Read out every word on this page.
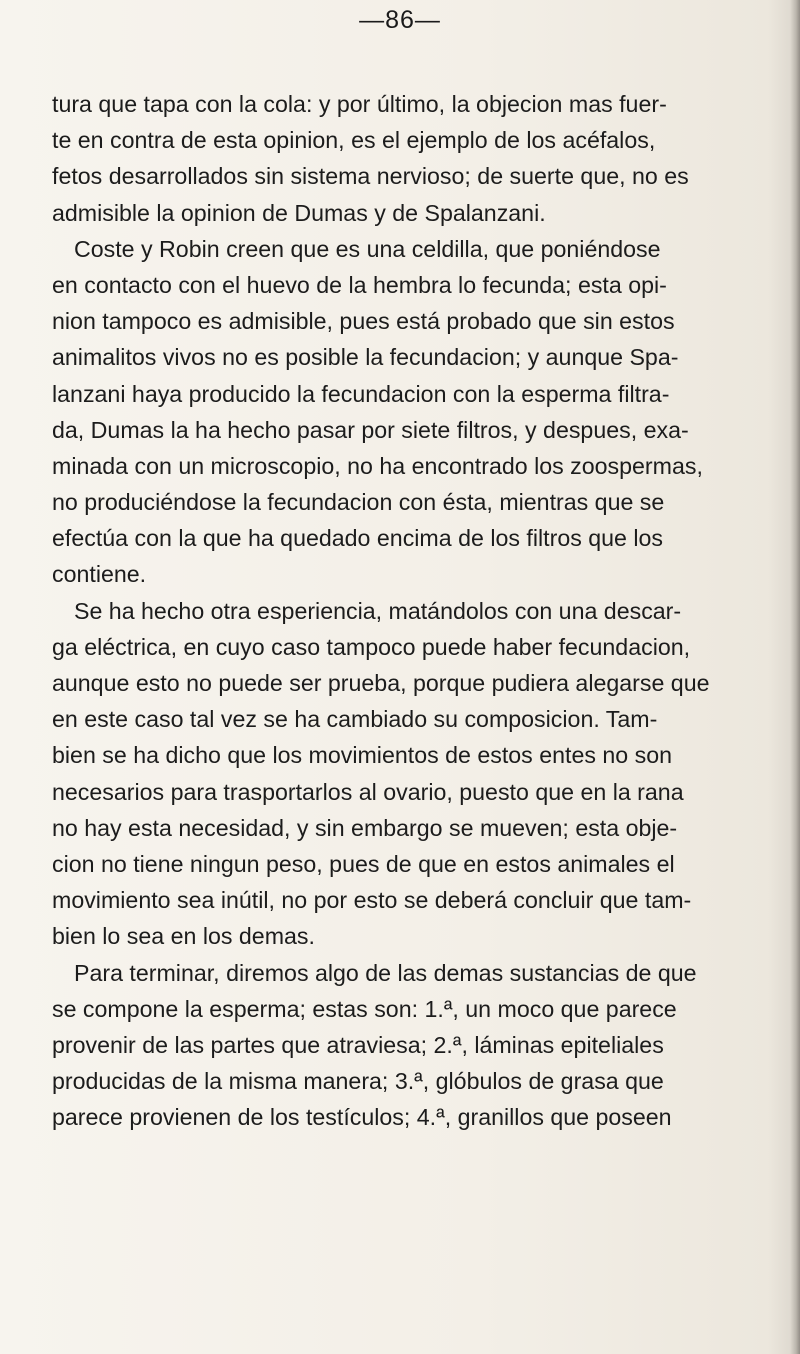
—86—
tura que tapa con la cola: y por último, la objecion mas fuer-
te en contra de esta opinion, es el ejemplo de los acéfalos,
fetos desarrollados sin sistema nervioso; de suerte que, no es
admisible la opinion de Dumas y de Spalanzani.
Coste y Robin creen que es una celdilla, que poniéndose
en contacto con el huevo de la hembra lo fecunda; esta opi-
nion tampoco es admisible, pues está probado que sin estos
animalitos vivos no es posible la fecundacion; y aunque Spa-
lanzani haya producido la fecundacion con la esperma filtra-
da, Dumas la ha hecho pasar por siete filtros, y despues, exa-
minada con un microscopio, no ha encontrado los zoospermas,
no produciéndose la fecundacion con ésta, mientras que se
efectúa con la que ha quedado encima de los filtros que los
contiene.
Se ha hecho otra esperiencia, matándolos con una descar-
ga eléctrica, en cuyo caso tampoco puede haber fecundacion,
aunque esto no puede ser prueba, porque pudiera alegarse que
en este caso tal vez se ha cambiado su composicion. Tam-
bien se ha dicho que los movimientos de estos entes no son
necesarios para trasportarlos al ovario, puesto que en la rana
no hay esta necesidad, y sin embargo se mueven; esta obje-
cion no tiene ningun peso, pues de que en estos animales el
movimiento sea inútil, no por esto se deberá concluir que tam-
bien lo sea en los demas.
Para terminar, diremos algo de las demas sustancias de que
se compone la esperma; estas son: 1.ª, un moco que parece
provenir de las partes que atraviesa; 2.ª, láminas epiteliales
producidas de la misma manera; 3.ª, glóbulos de grasa que
parece provienen de los testículos; 4.ª, granillos que poseen
